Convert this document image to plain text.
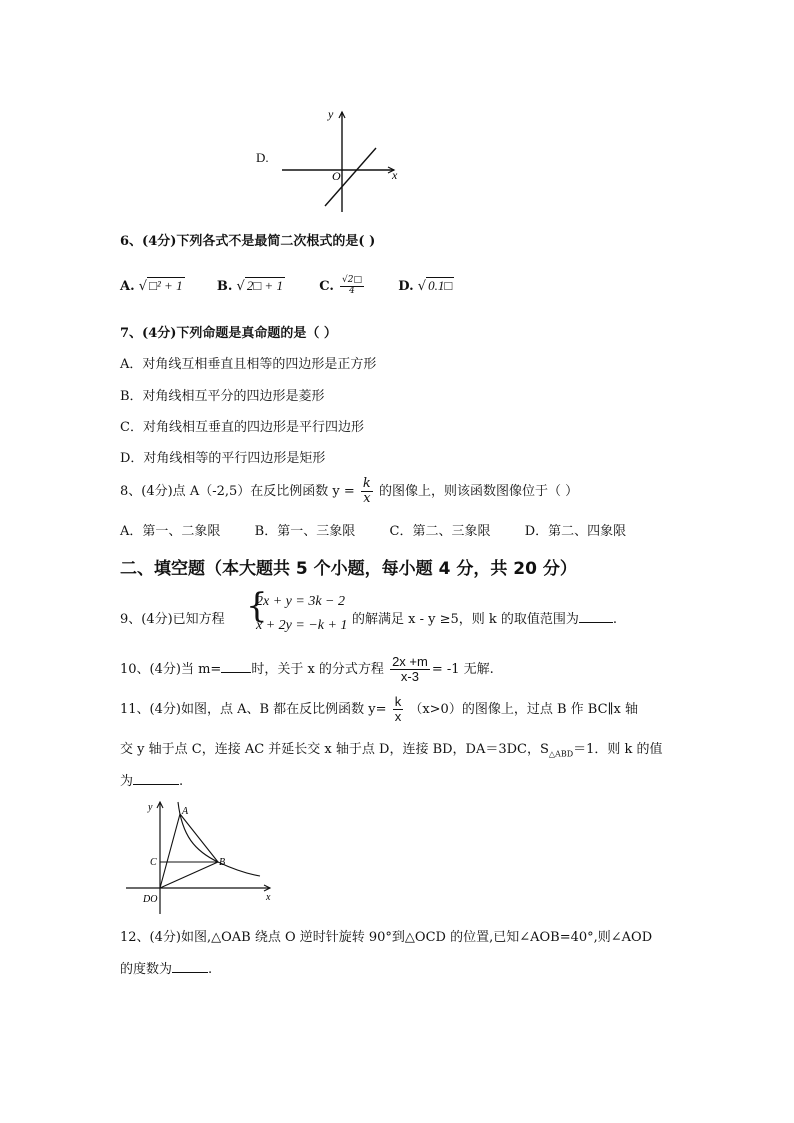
D.
y
x
O
6、(4分)下列各式不是最简二次根式的是( )
A. √ □² + 1	B. √ 2□ + 1	C. $\frac{√2□}{4}$	D. √ 0.1□
7、(4分)下列命题是真命题的是（ ）
A．对角线互相垂直且相等的四边形是正方形
B．对角线相互平分的四边形是菱形
C．对角线相互垂直的四边形是平行四边形
D．对角线相等的平行四边形是矩形
8、(4分)点 A（-2,5）在反比例函数 $y = \frac{k}{x}$ 的图像上，则该函数图像位于（ ）
A．第一、二象限	B．第一、三象限	C．第二、三象限	D．第二、四象限
二、填空题（本大题共 5 个小题，每小题 4 分，共 20 分）
9、(4分)已知方程 {
2x + y = 3k − 2
x + 2y = −k + 1 的解满足 x - y ≥5，则 k 的取值范围为	.
10、(4分)当 m= 时，关于 x 的分式方程 $\frac{2x +m}{x-3} = -1$ 无解.
11、(4分)如图，点 A、B 都在反比例函数 $y= \frac{k}{x} (x>0)$的图像上，过点 B 作 BC∥x 轴
交 y 轴于点 C，连接 AC 并延长交 x 轴于点 D，连接 BD，DA＝3DC，$S_{\triangle ABD}=1$．则 k 的值
为	.
y
x
A
B
C
DO
12、(4分)如图,△OAB 绕点 O 逆时针旋转 90°到△OCD 的位置,已知∠AOB=40°,则∠AOD
的度数为	.
